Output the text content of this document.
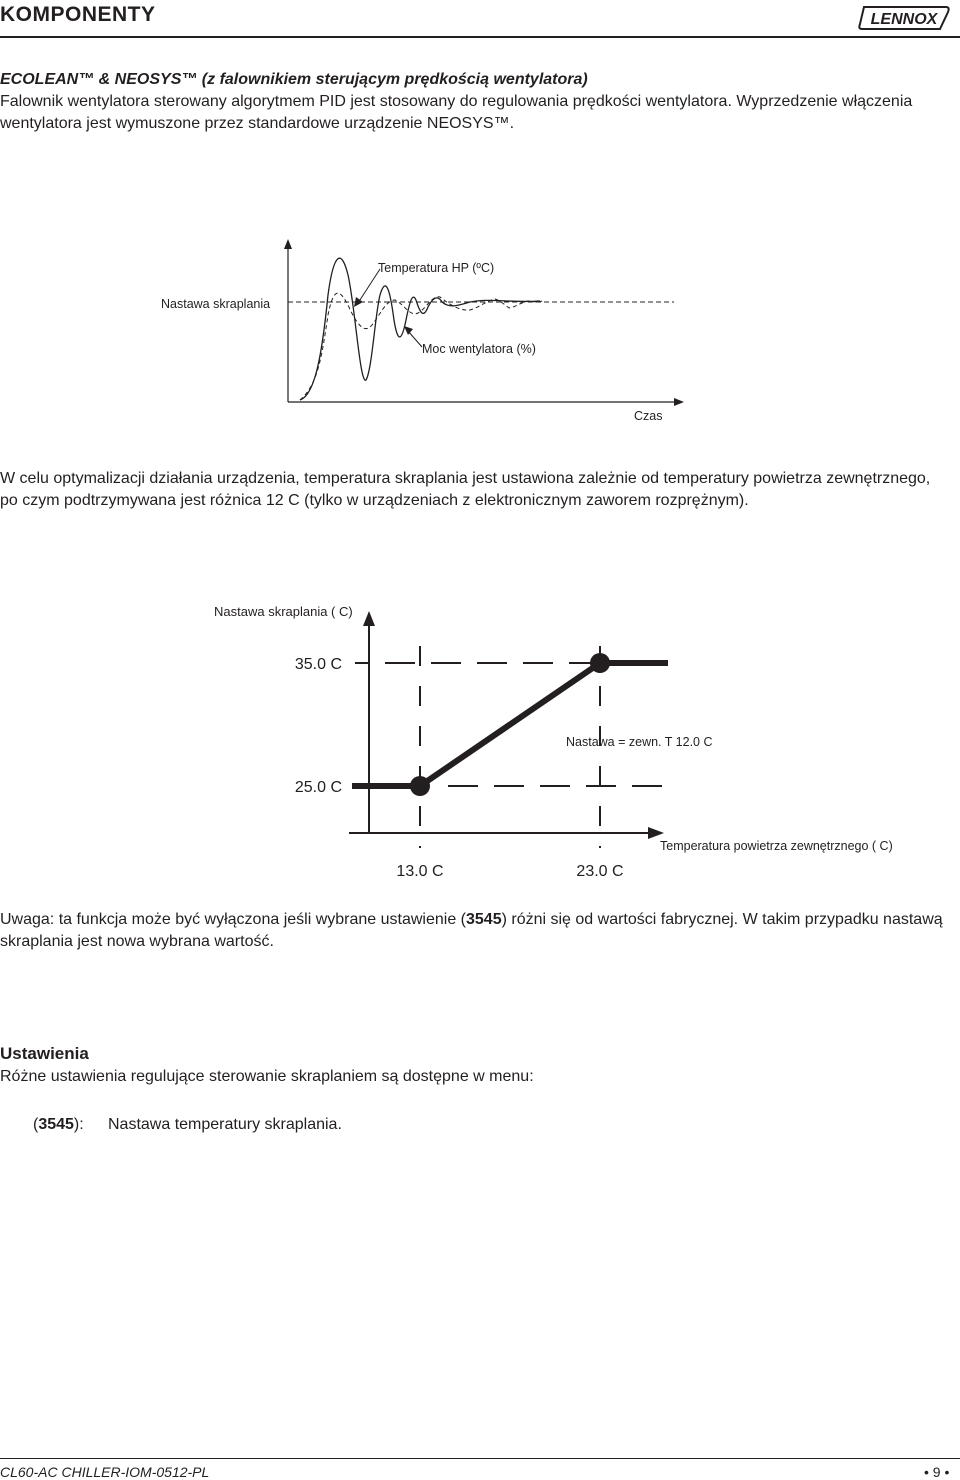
KOMPONENTY	LENNOX
ECOLEAN™ & NEOSYS™ (z falownikiem sterującym prędkością wentylatora)
Falownik wentylatora sterowany algorytmem PID jest stosowany do regulowania prędkości wentylatora. Wyprzedzenie włączenia
wentylatora jest wymuszone przez standardowe urządzenie NEOSYS™.
Temperatura HP (ºC)
Nastawa skraplania
Moc wentylatora (%)
Czas
W celu optymalizacji działania urządzenia, temperatura skraplania jest ustawiona zależnie od temperatury powietrza zewnętrznego,
po czym podtrzymywana jest różnica 12 C (tylko w urządzeniach z elektronicznym zaworem rozprężnym).
35.0 C
25.0 C
13.0 C	23.0 C
Nastawa skraplania ( C)
Temperatura powietrza zewnętrznego ( C)
Nastawa = zewn. T 12.0 C
Uwaga: ta funkcja może być wyłączona jeśli wybrane ustawienie (3545) różni się od wartości fabrycznej. W takim przypadku nastawą
skraplania jest nowa wybrana wartość.
Ustawienia
Różne ustawienia regulujące sterowanie skraplaniem są dostępne w menu:
(3545): Nastawa temperatury skraplania.
CL60-AC CHILLER-IOM-0512-PL	• 9 •
